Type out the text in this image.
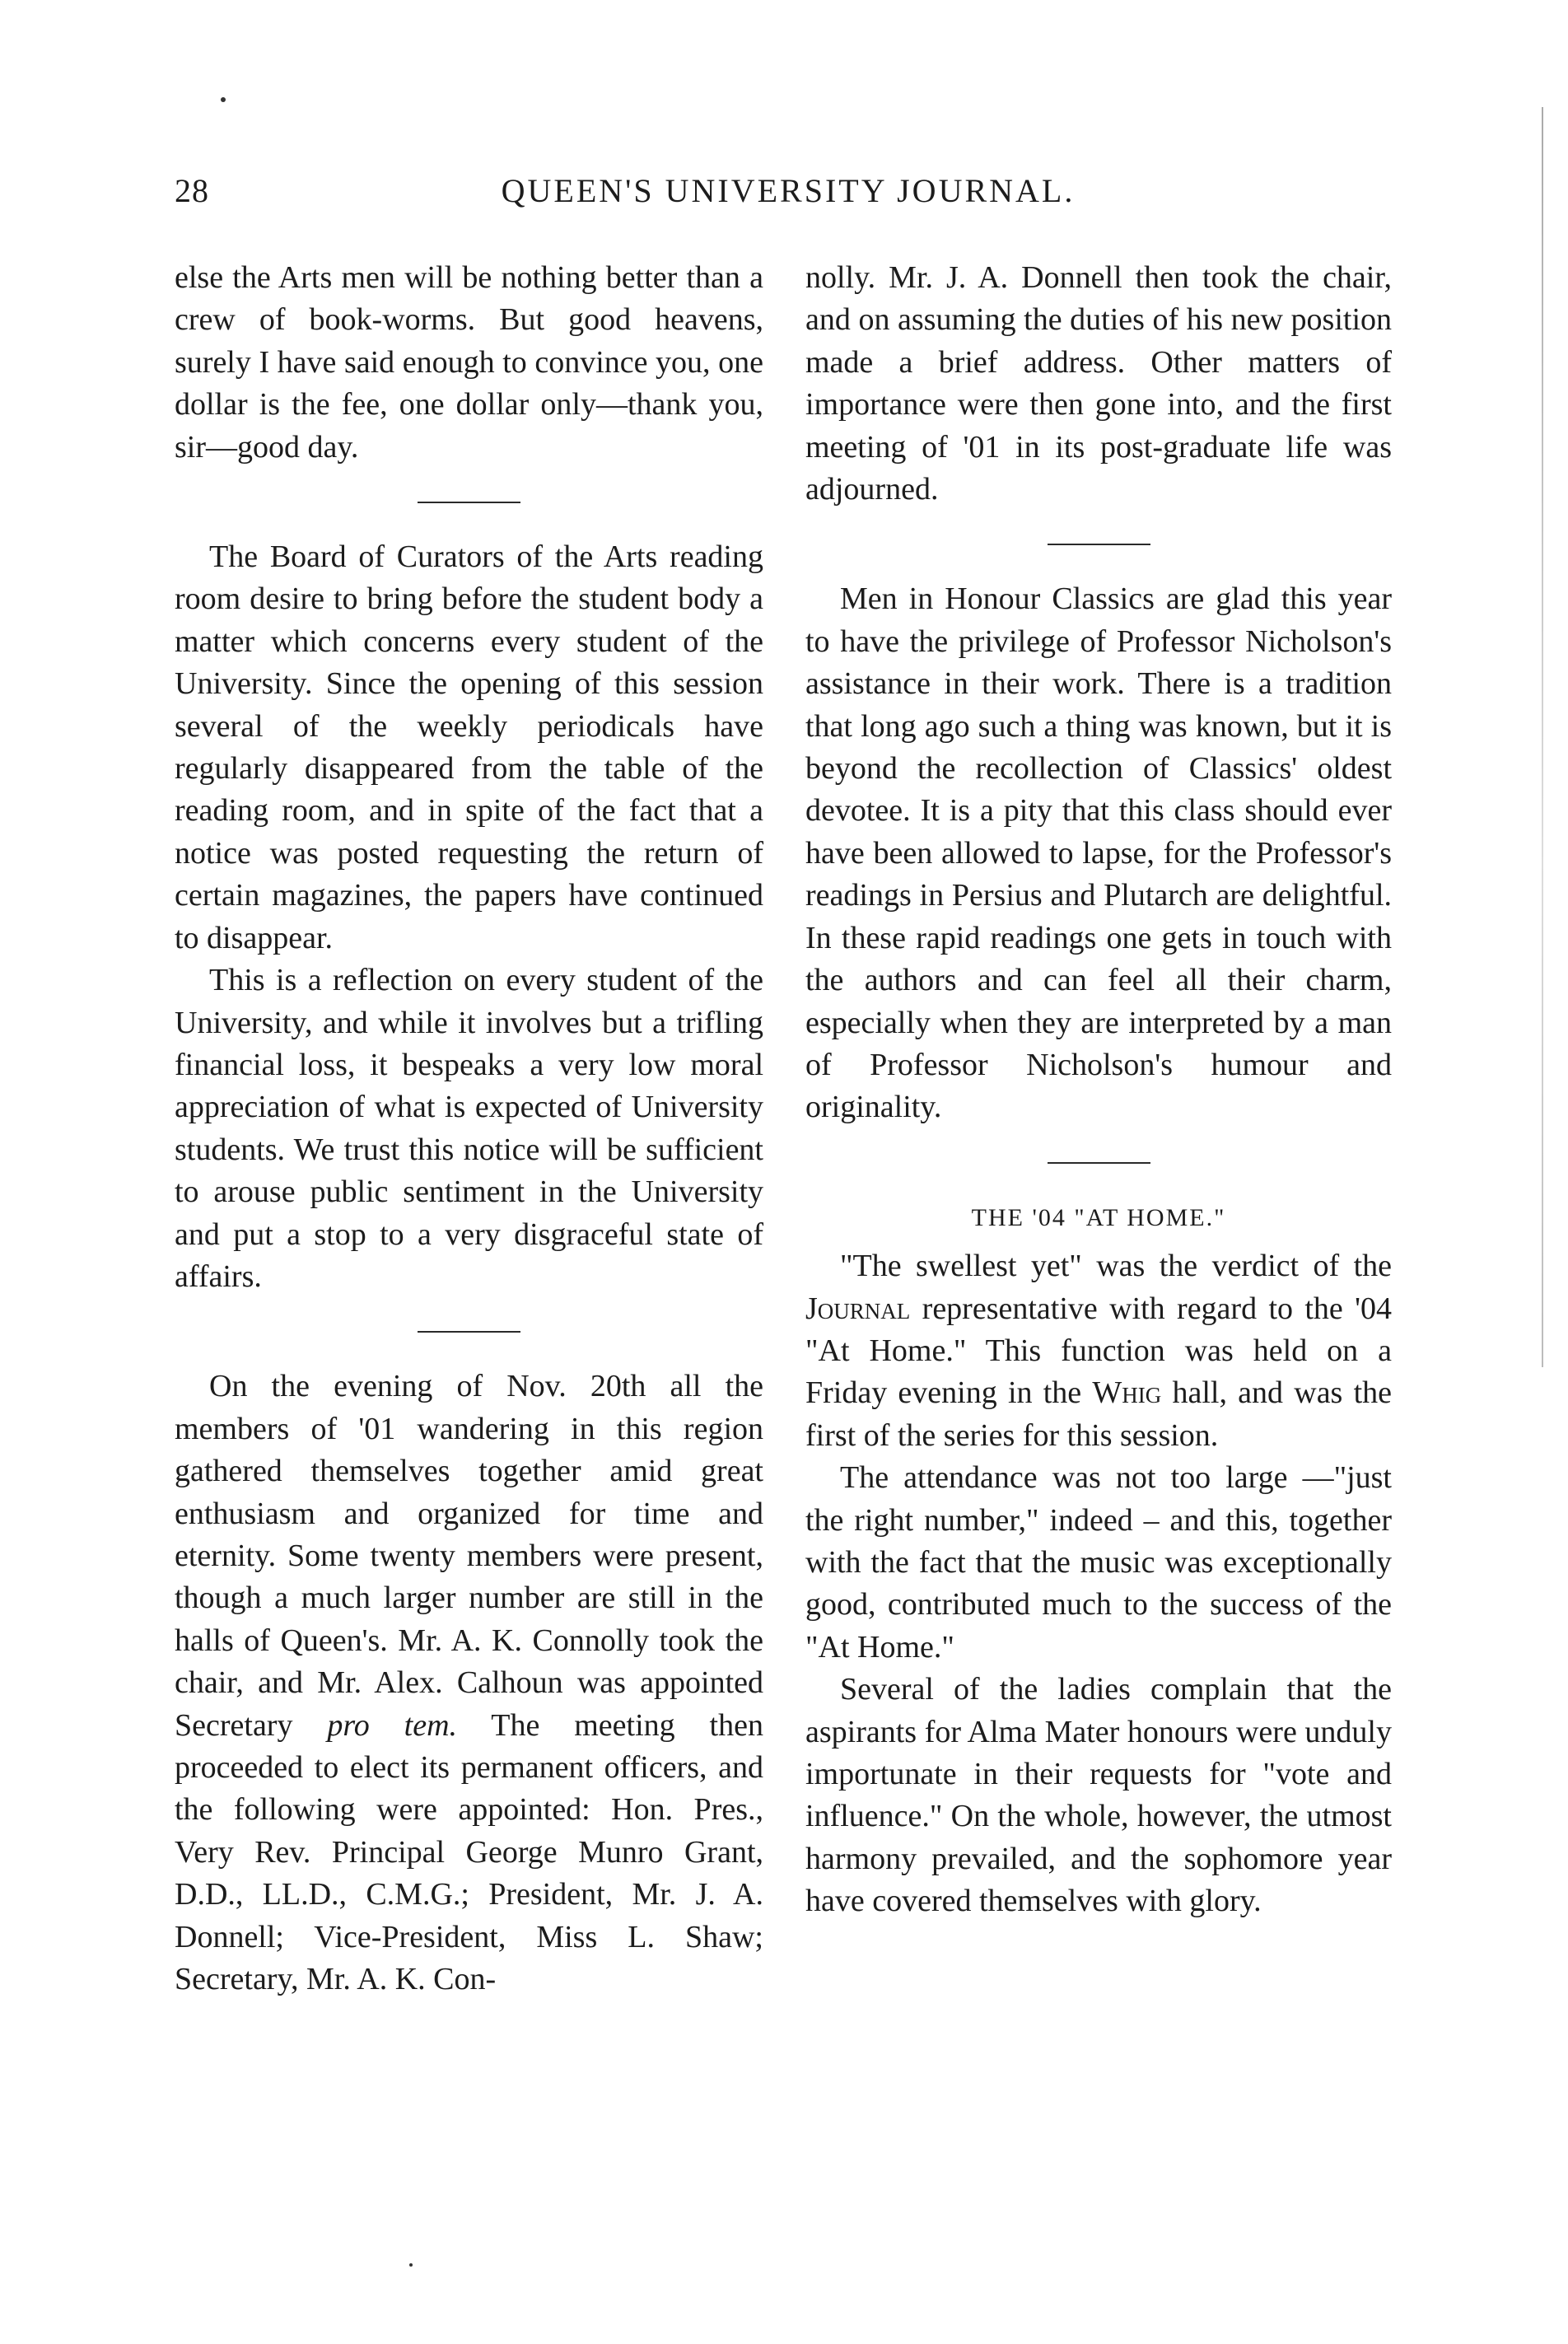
28	QUEEN'S UNIVERSITY JOURNAL.

else the Arts men will be nothing better than a crew of book-worms. But good heavens, surely I have said enough to convince you, one dollar is the fee, one dollar only—thank you, sir—good day.

The Board of Curators of the Arts reading room desire to bring before the student body a matter which concerns every student of the University. Since the opening of this session several of the weekly periodicals have regularly disappeared from the table of the reading room, and in spite of the fact that a notice was posted requesting the return of certain magazines, the papers have continued to disappear.

This is a reflection on every student of the University, and while it involves but a trifling financial loss, it bespeaks a very low moral appreciation of what is expected of University students. We trust this notice will be sufficient to arouse public sentiment in the University and put a stop to a very disgraceful state of affairs.

On the evening of Nov. 20th all the members of '01 wandering in this region gathered themselves together amid great enthusiasm and organized for time and eternity. Some twenty members were present, though a much larger number are still in the halls of Queen's. Mr. A. K. Connolly took the chair, and Mr. Alex. Calhoun was appointed Secretary pro tem. The meeting then proceeded to elect its permanent officers, and the following were appointed: Hon. Pres., Very Rev. Principal George Munro Grant, D.D., LL.D., C.M.G.; President, Mr. J. A. Donnell; Vice-President, Miss L. Shaw; Secretary, Mr. A. K. Con-

nolly. Mr. J. A. Donnell then took the chair, and on assuming the duties of his new position made a brief address. Other matters of importance were then gone into, and the first meeting of '01 in its post-graduate life was adjourned.

Men in Honour Classics are glad this year to have the privilege of Professor Nicholson's assistance in their work. There is a tradition that long ago such a thing was known, but it is beyond the recollection of Classics' oldest devotee. It is a pity that this class should ever have been allowed to lapse, for the Professor's readings in Persius and Plutarch are delightful. In these rapid readings one gets in touch with the authors and can feel all their charm, especially when they are interpreted by a man of Professor Nicholson's humour and originality.

THE '04 "AT HOME."

"The swellest yet" was the verdict of the Journal representative with regard to the '04 "At Home." This function was held on a Friday evening in the Whig hall, and was the first of the series for this session.

The attendance was not too large —"just the right number," indeed – and this, together with the fact that the music was exceptionally good, contributed much to the success of the "At Home."

Several of the ladies complain that the aspirants for Alma Mater honours were unduly importunate in their requests for "vote and influence." On the whole, however, the utmost harmony prevailed, and the sophomore year have covered themselves with glory.
